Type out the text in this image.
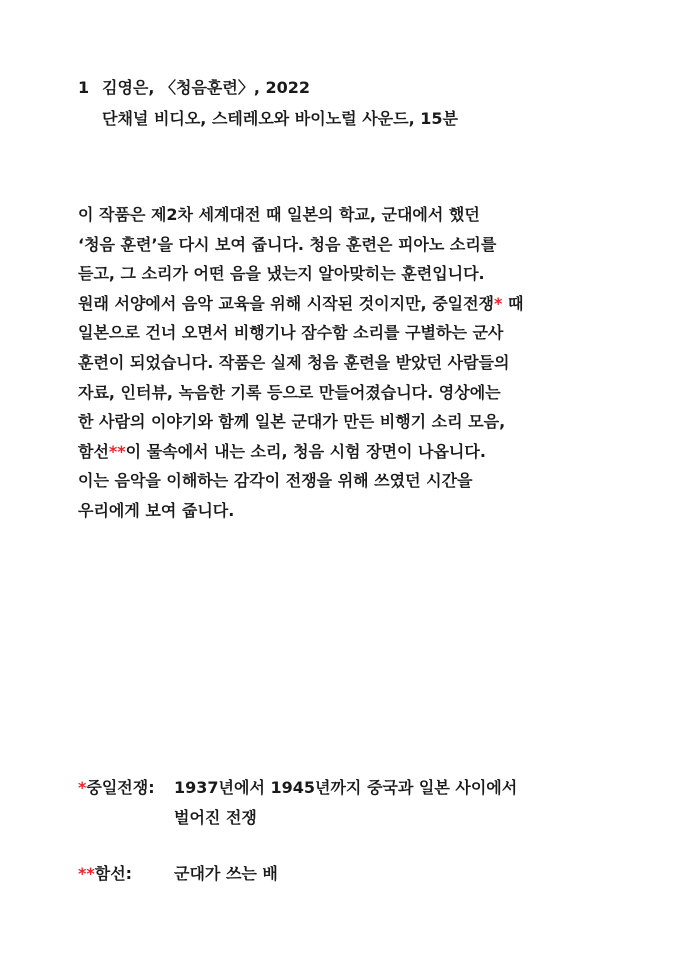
1 김영은, 〈청음훈련〉, 2022
단채널 비디오, 스테레오와 바이노럴 사운드, 15분
이 작품은 제2차 세계대전 때 일본의 학교, 군대에서 했던
‘청음 훈련’을 다시 보여 줍니다. 청음 훈련은 피아노 소리를
듣고, 그 소리가 어떤 음을 냈는지 알아맞히는 훈련입니다.
원래 서양에서 음악 교육을 위해 시작된 것이지만, 중일전쟁* 때
일본으로 건너 오면서 비행기나 잠수함 소리를 구별하는 군사
훈련이 되었습니다. 작품은 실제 청음 훈련을 받았던 사람들의
자료, 인터뷰, 녹음한 기록 등으로 만들어졌습니다. 영상에는
한 사람의 이야기와 함께 일본 군대가 만든 비행기 소리 모음,
함선**이 물속에서 내는 소리, 청음 시험 장면이 나옵니다.
이는 음악을 이해하는 감각이 전쟁을 위해 쓰였던 시간을
우리에게 보여 줍니다.
*중일전쟁:	1937년에서 1945년까지 중국과 일본 사이에서
벌어진 전쟁
**함선:	군대가 쓰는 배
